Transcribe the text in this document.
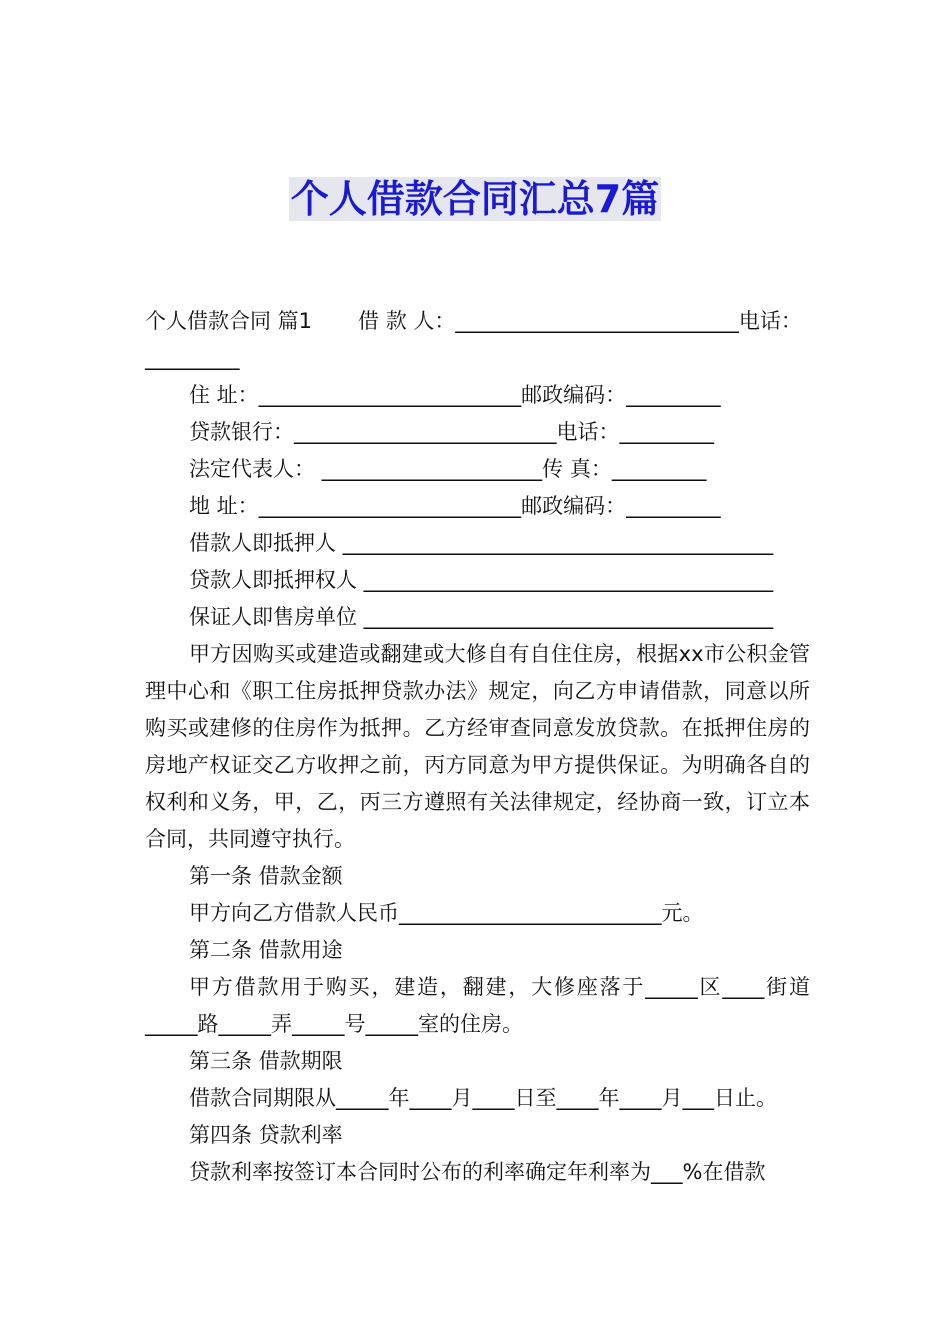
个人借款合同汇总7篇

个人借款合同 篇1 借 款 人：___________________________电话：

_________

住 址：_________________________邮政编码：_________

贷款银行：_________________________电话：_________

法定代表人： _____________________传 真：_________

地 址：_________________________邮政编码：_________

借款人即抵押人 _________________________________________

贷款人即抵押权人 _______________________________________

保证人即售房单位 _______________________________________

甲方因购买或建造或翻建或大修自有自住住房，根据xx市公积金管理中心和《职工住房抵押贷款办法》规定，向乙方申请借款，同意以所购买或建修的住房作为抵押。乙方经审查同意发放贷款。在抵押住房的房地产权证交乙方收押之前，丙方同意为甲方提供保证。为明确各自的权利和义务，甲，乙，丙三方遵照有关法律规定，经协商一致，订立本合同，共同遵守执行。

第一条 借款金额

甲方向乙方借款人民币_________________________元。

第二条 借款用途

甲方借款用于购买，建造，翻建，大修座落于_____区____街道_____路_____弄_____号_____室的住房。

第三条 借款期限

借款合同期限从_____年____月____日至____年____月___日止。

第四条 贷款利率

贷款利率按签订本合同时公布的利率确定年利率为___%在借款
